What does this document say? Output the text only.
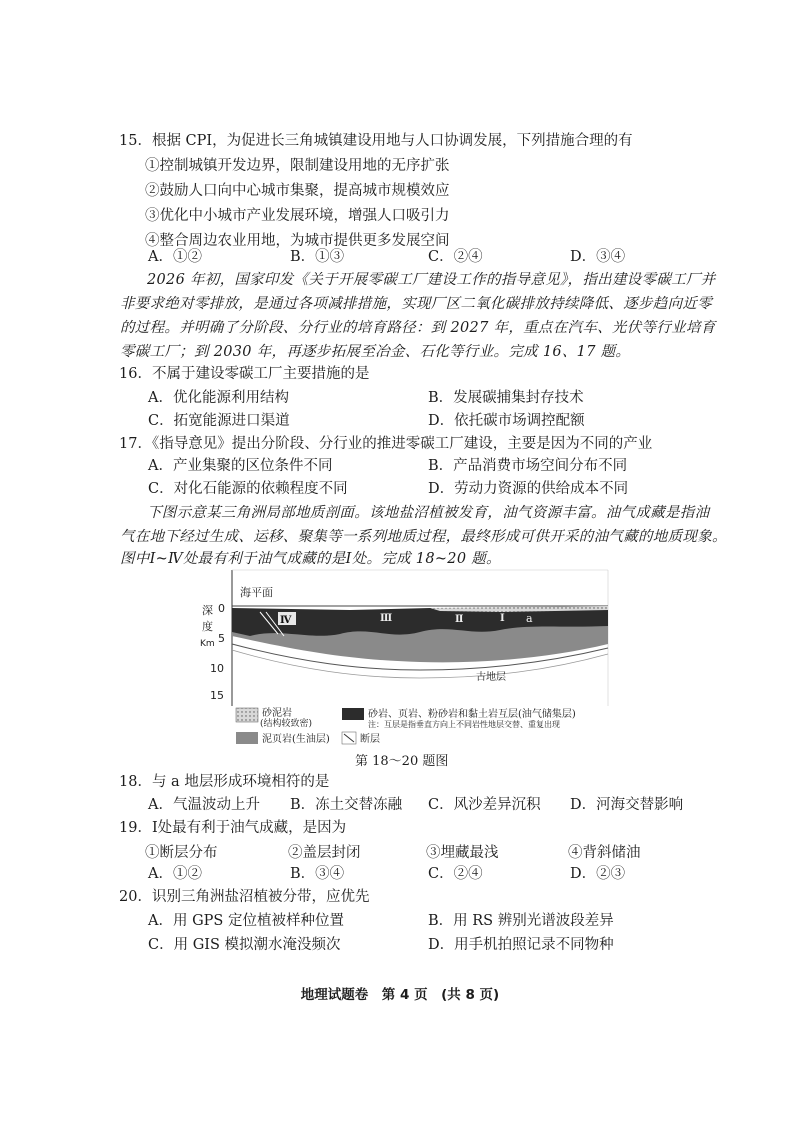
15．根据 CPI，为促进长三角城镇建设用地与人口协调发展，下列措施合理的有
①控制城镇开发边界，限制建设用地的无序扩张
②鼓励人口向中心城市集聚，提高城市规模效应
③优化中小城市产业发展环境，增强人口吸引力
④整合周边农业用地，为城市提供更多发展空间
A．①②	B．①③	C．②④	D．③④
2026 年初，国家印发《关于开展零碳工厂建设工作的指导意见》，指出建设零碳工厂并
非要求绝对零排放，是通过各项减排措施，实现厂区二氧化碳排放持续降低、逐步趋向近零
的过程。并明确了分阶段、分行业的培育路径：到 2027 年，重点在汽车、光伏等行业培育
零碳工厂；到 2030 年，再逐步拓展至冶金、石化等行业。完成 16、17 题。
16．不属于建设零碳工厂主要措施的是
A．优化能源利用结构	B．发展碳捕集封存技术
C．拓宽能源进口渠道	D．依托碳市场调控配额
17．《指导意见》提出分阶段、分行业的推进零碳工厂建设，主要是因为不同的产业
A．产业集聚的区位条件不同	B．产品消费市场空间分布不同
C．对化石能源的依赖程度不同	D．劳动力资源的供给成本不同
下图示意某三角洲局部地质剖面。该地盐沼植被发育，油气资源丰富。油气成藏是指油
气在地下经过生成、运移、聚集等一系列地质过程，最终形成可供开采的油气藏的地质现象。
图中Ⅰ~Ⅳ处最有利于油气成藏的是Ⅰ处。完成 18~20 题。
海平面
古地层
Ⅳ	Ⅲ	Ⅱ	Ⅰ a
深
度
Km
0
5
10
15
砂泥岩
(结构较致密)
砂岩、页岩、粉砂岩和黏土岩互层(油气储集层)
注：互层是指垂直方向上不同岩性地层交替、重复出现
泥页岩(生油层)	断层
第 18～20 题图
18．与 a 地层形成环境相符的是
A．气温波动上升 B．冻土交替冻融 C．风沙差异沉积 D．河海交替影响
19．Ⅰ处最有利于油气成藏，是因为
①断层分布	②盖层封闭	③埋藏最浅	④背斜储油
A．①②	B．③④	C．②④	D．②③
20．识别三角洲盐沼植被分带，应优先
A．用 GPS 定位植被样种位置	B．用 RS 辨别光谱波段差异
C．用 GIS 模拟潮水淹没频次	D．用手机拍照记录不同物种
地理试题卷　第 4 页　(共 8 页)
